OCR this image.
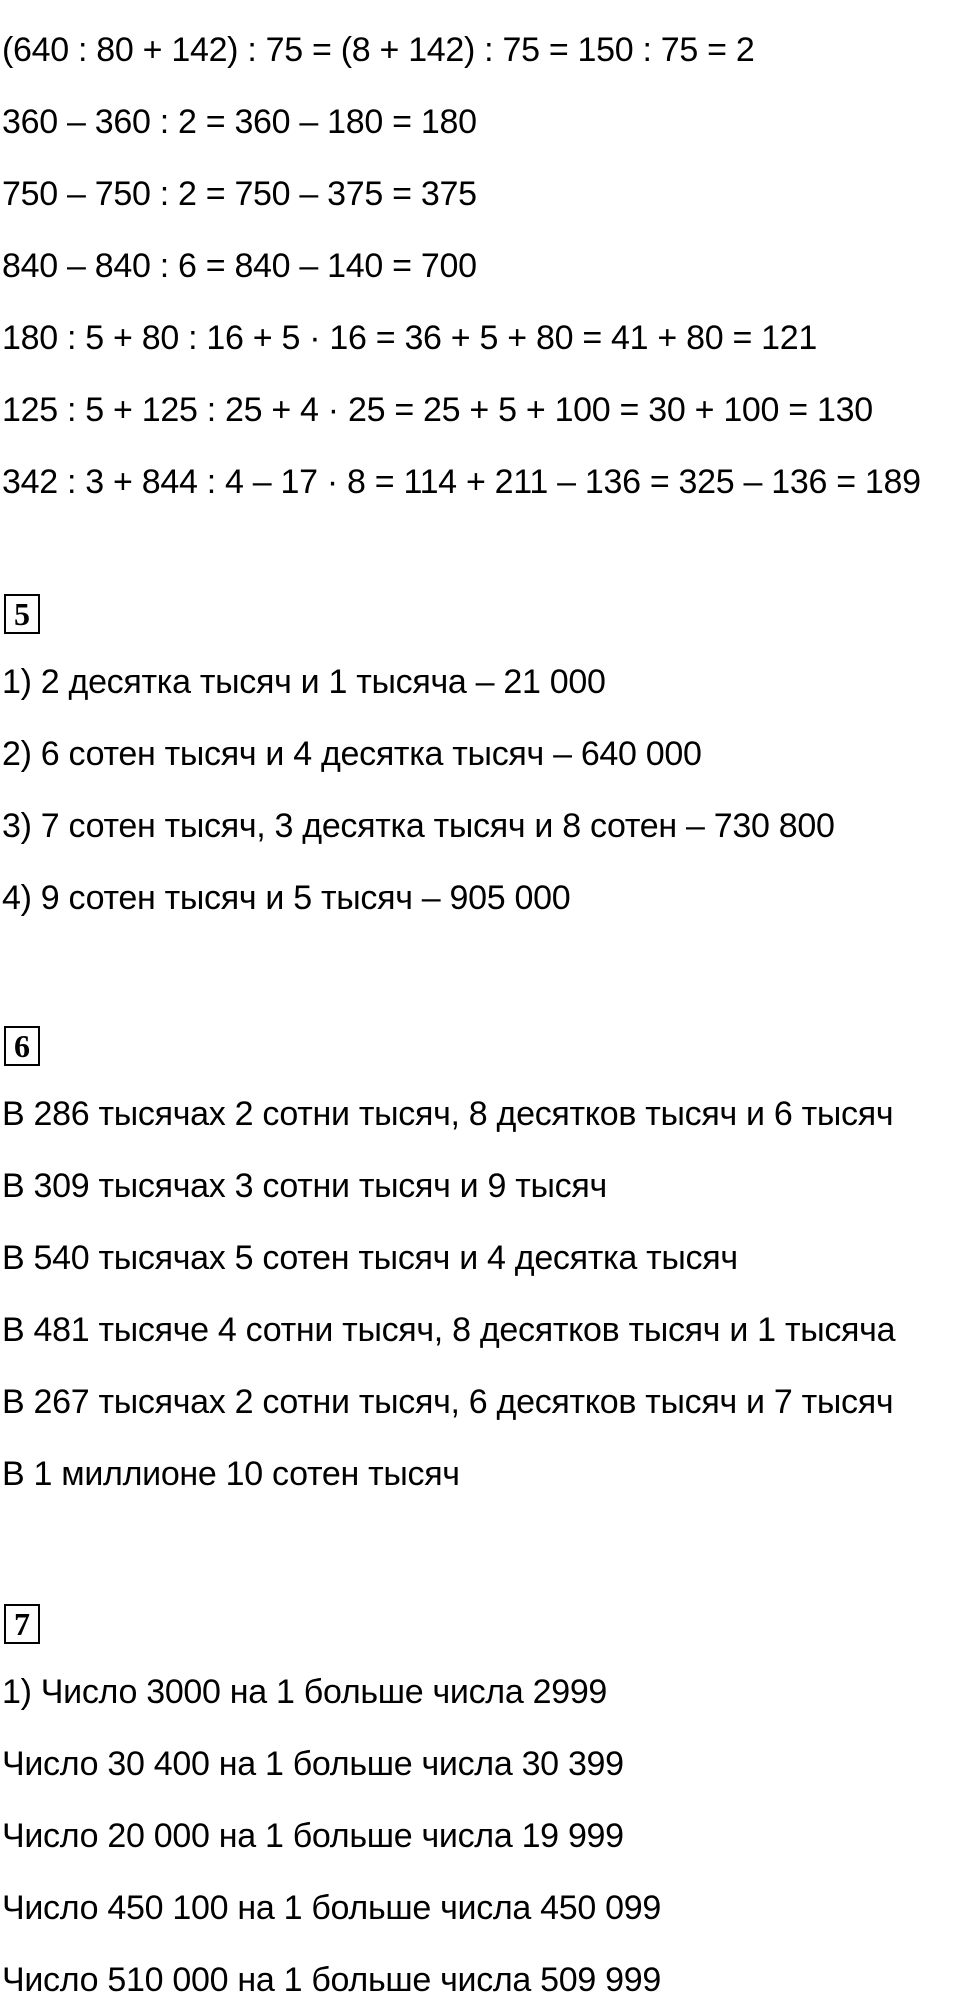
(640 : 80 + 142) : 75 = (8 + 142) : 75 = 150 : 75 = 2
360 – 360 : 2 = 360 – 180 = 180
750 – 750 : 2 = 750 – 375 = 375
840 – 840 : 6 = 840 – 140 = 700
180 : 5 + 80 : 16 + 5 · 16 = 36 + 5 + 80 = 41 + 80 = 121
125 : 5 + 125 : 25 + 4 · 25 = 25 + 5 + 100 = 30 + 100 = 130
342 : 3 + 844 : 4 – 17 · 8 = 114 + 211 – 136 = 325 – 136 = 189
5
1) 2 десятка тысяч и 1 тысяча – 21 000
2) 6 сотен тысяч и 4 десятка тысяч – 640 000
3) 7 сотен тысяч, 3 десятка тысяч и 8 сотен – 730 800
4) 9 сотен тысяч и 5 тысяч – 905 000
6
В 286 тысячах 2 сотни тысяч, 8 десятков тысяч и 6 тысяч
В 309 тысячах 3 сотни тысяч и 9 тысяч
В 540 тысячах 5 сотен тысяч и 4 десятка тысяч
В 481 тысяче 4 сотни тысяч, 8 десятков тысяч и 1 тысяча
В 267 тысячах 2 сотни тысяч, 6 десятков тысяч и 7 тысяч
В 1 миллионе 10 сотен тысяч
7
1) Число 3000 на 1 больше числа 2999
Число 30 400 на 1 больше числа 30 399
Число 20 000 на 1 больше числа 19 999
Число 450 100 на 1 больше числа 450 099
Число 510 000 на 1 больше числа 509 999
